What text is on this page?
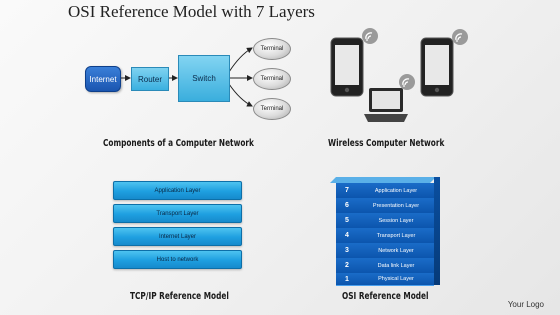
OSI Reference Model with 7 Layers
Internet	Router	Switch
Terminal
Terminal
Terminal
Components of a Computer Network	Wireless Computer Network
Application Layer
Transport Layer
Internet Layer
Host to network
TCP/IP Reference Model
7	Application Layer
6	Presentation Layer
5	Session Layer
4	Transport Layer
3	Network Layer
2	Data link Layer
1	Physical Layer
OSI Reference Model
Your Logo
